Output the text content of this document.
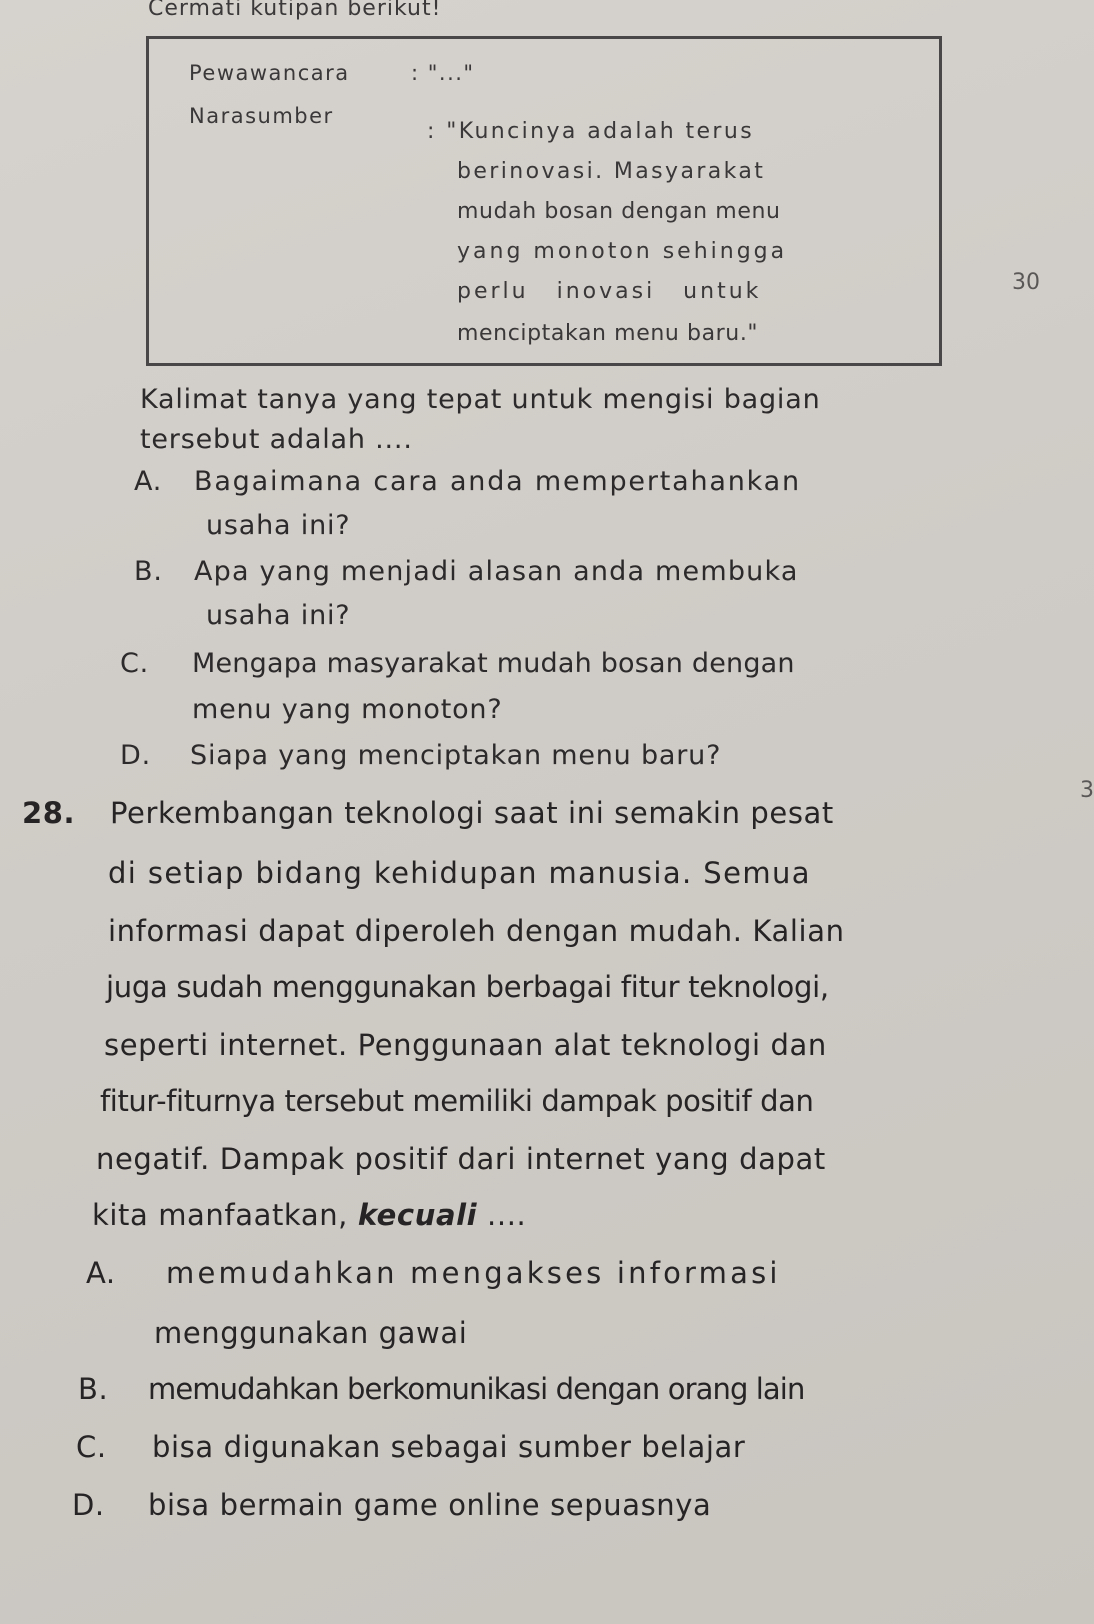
Cermati kutipan berikut!
Pewawancara	: "..."
Narasumber
: "Kuncinya adalah terus
berinovasi. Masyarakat
mudah bosan dengan menu
yang monoton sehingga
perlu inovasi untuk
menciptakan menu baru."
30
Kalimat tanya yang tepat untuk mengisi bagian
tersebut adalah ....
A. Bagaimana cara anda mempertahankan
usaha ini?
B. Apa yang menjadi alasan anda membuka
usaha ini?
C. Mengapa masyarakat mudah bosan dengan
menu yang monoton?
D. Siapa yang menciptakan menu baru?
3
28. Perkembangan teknologi saat ini semakin pesat
di setiap bidang kehidupan manusia. Semua
informasi dapat diperoleh dengan mudah. Kalian
juga sudah menggunakan berbagai fitur teknologi,
seperti internet. Penggunaan alat teknologi dan
fitur-fiturnya tersebut memiliki dampak positif dan
negatif. Dampak positif dari internet yang dapat
kita manfaatkan, kecuali ....
A. memudahkan mengakses informasi
menggunakan gawai
B. memudahkan berkomunikasi dengan orang lain
C. bisa digunakan sebagai sumber belajar
D. bisa bermain game online sepuasnya
